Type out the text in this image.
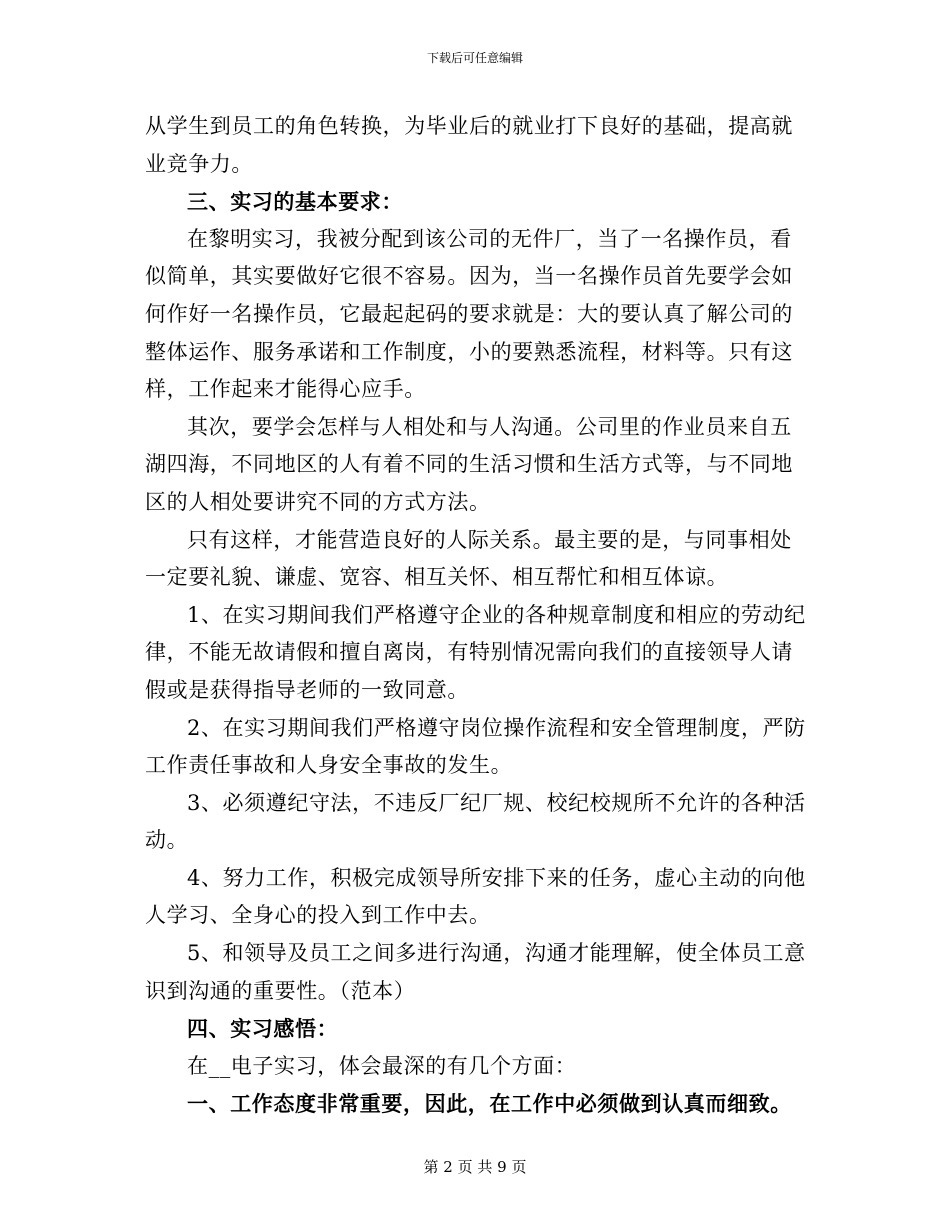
下载后可任意编辑

从学生到员工的角色转换，为毕业后的就业打下良好的基础，提高就业竞争力。

三、实习的基本要求：

在黎明实习，我被分配到该公司的无件厂，当了一名操作员，看似简单，其实要做好它很不容易。因为，当一名操作员首先要学会如何作好一名操作员，它最起起码的要求就是：大的要认真了解公司的整体运作、服务承诺和工作制度，小的要熟悉流程，材料等。只有这样，工作起来才能得心应手。

其次，要学会怎样与人相处和与人沟通。公司里的作业员来自五湖四海，不同地区的人有着不同的生活习惯和生活方式等，与不同地区的人相处要讲究不同的方式方法。

只有这样，才能营造良好的人际关系。最主要的是，与同事相处一定要礼貌、谦虚、宽容、相互关怀、相互帮忙和相互体谅。

1、在实习期间我们严格遵守企业的各种规章制度和相应的劳动纪律，不能无故请假和擅自离岗，有特别情况需向我们的直接领导人请假或是获得指导老师的一致同意。

2、在实习期间我们严格遵守岗位操作流程和安全管理制度，严防工作责任事故和人身安全事故的发生。

3、必须遵纪守法，不违反厂纪厂规、校纪校规所不允许的各种活动。

4、努力工作，积极完成领导所安排下来的任务，虚心主动的向他人学习、全身心的投入到工作中去。

5、和领导及员工之间多进行沟通，沟通才能理解，使全体员工意识到沟通的重要性。（范本）

四、实习感悟：

在__电子实习，体会最深的有几个方面：

一、工作态度非常重要，因此，在工作中必须做到认真而细致。

第 2 页 共 9 页
